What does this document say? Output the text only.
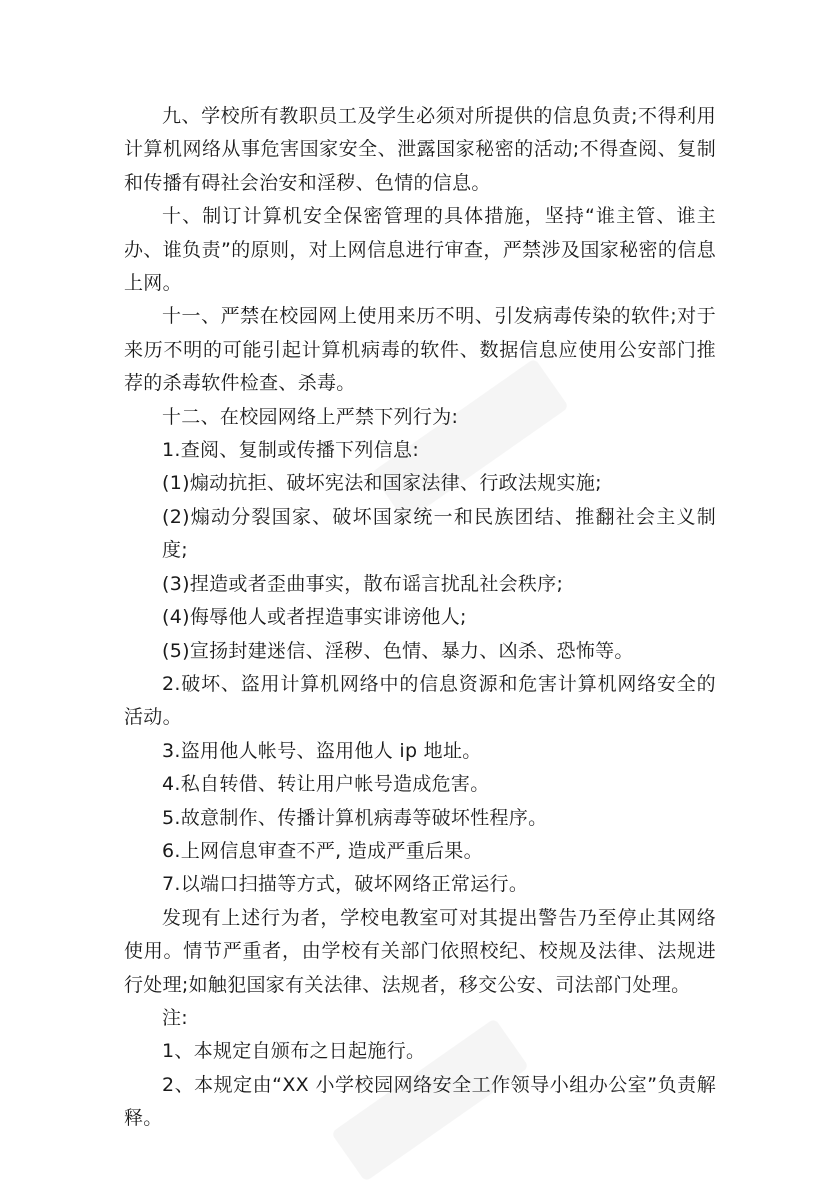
九、学校所有教职员工及学生必须对所提供的信息负责;不得利用计算机网络从事危害国家安全、泄露国家秘密的活动;不得查阅、复制和传播有碍社会治安和淫秽、色情的信息。

十、制订计算机安全保密管理的具体措施，坚持“谁主管、谁主办、谁负责”的原则，对上网信息进行审查，严禁涉及国家秘密的信息上网。

十一、严禁在校园网上使用来历不明、引发病毒传染的软件;对于来历不明的可能引起计算机病毒的软件、数据信息应使用公安部门推荐的杀毒软件检查、杀毒。

十二、在校园网络上严禁下列行为:

1.查阅、复制或传播下列信息:

(1)煽动抗拒、破坏宪法和国家法律、行政法规实施;

(2)煽动分裂国家、破坏国家统一和民族团结、推翻社会主义制度;

(3)捏造或者歪曲事实，散布谣言扰乱社会秩序;

(4)侮辱他人或者捏造事实诽谤他人;

(5)宣扬封建迷信、淫秽、色情、暴力、凶杀、恐怖等。

2.破坏、盗用计算机网络中的信息资源和危害计算机网络安全的活动。

3.盗用他人帐号、盗用他人 ip 地址。

4.私自转借、转让用户帐号造成危害。

5.故意制作、传播计算机病毒等破坏性程序。

6.上网信息审查不严, 造成严重后果。

7.以端口扫描等方式，破坏网络正常运行。

发现有上述行为者，学校电教室可对其提出警告乃至停止其网络使用。情节严重者，由学校有关部门依照校纪、校规及法律、法规进行处理;如触犯国家有关法律、法规者，移交公安、司法部门处理。

注:

1、本规定自颁布之日起施行。

2、本规定由“XX 小学校园网络安全工作领导小组办公室”负责解释。
